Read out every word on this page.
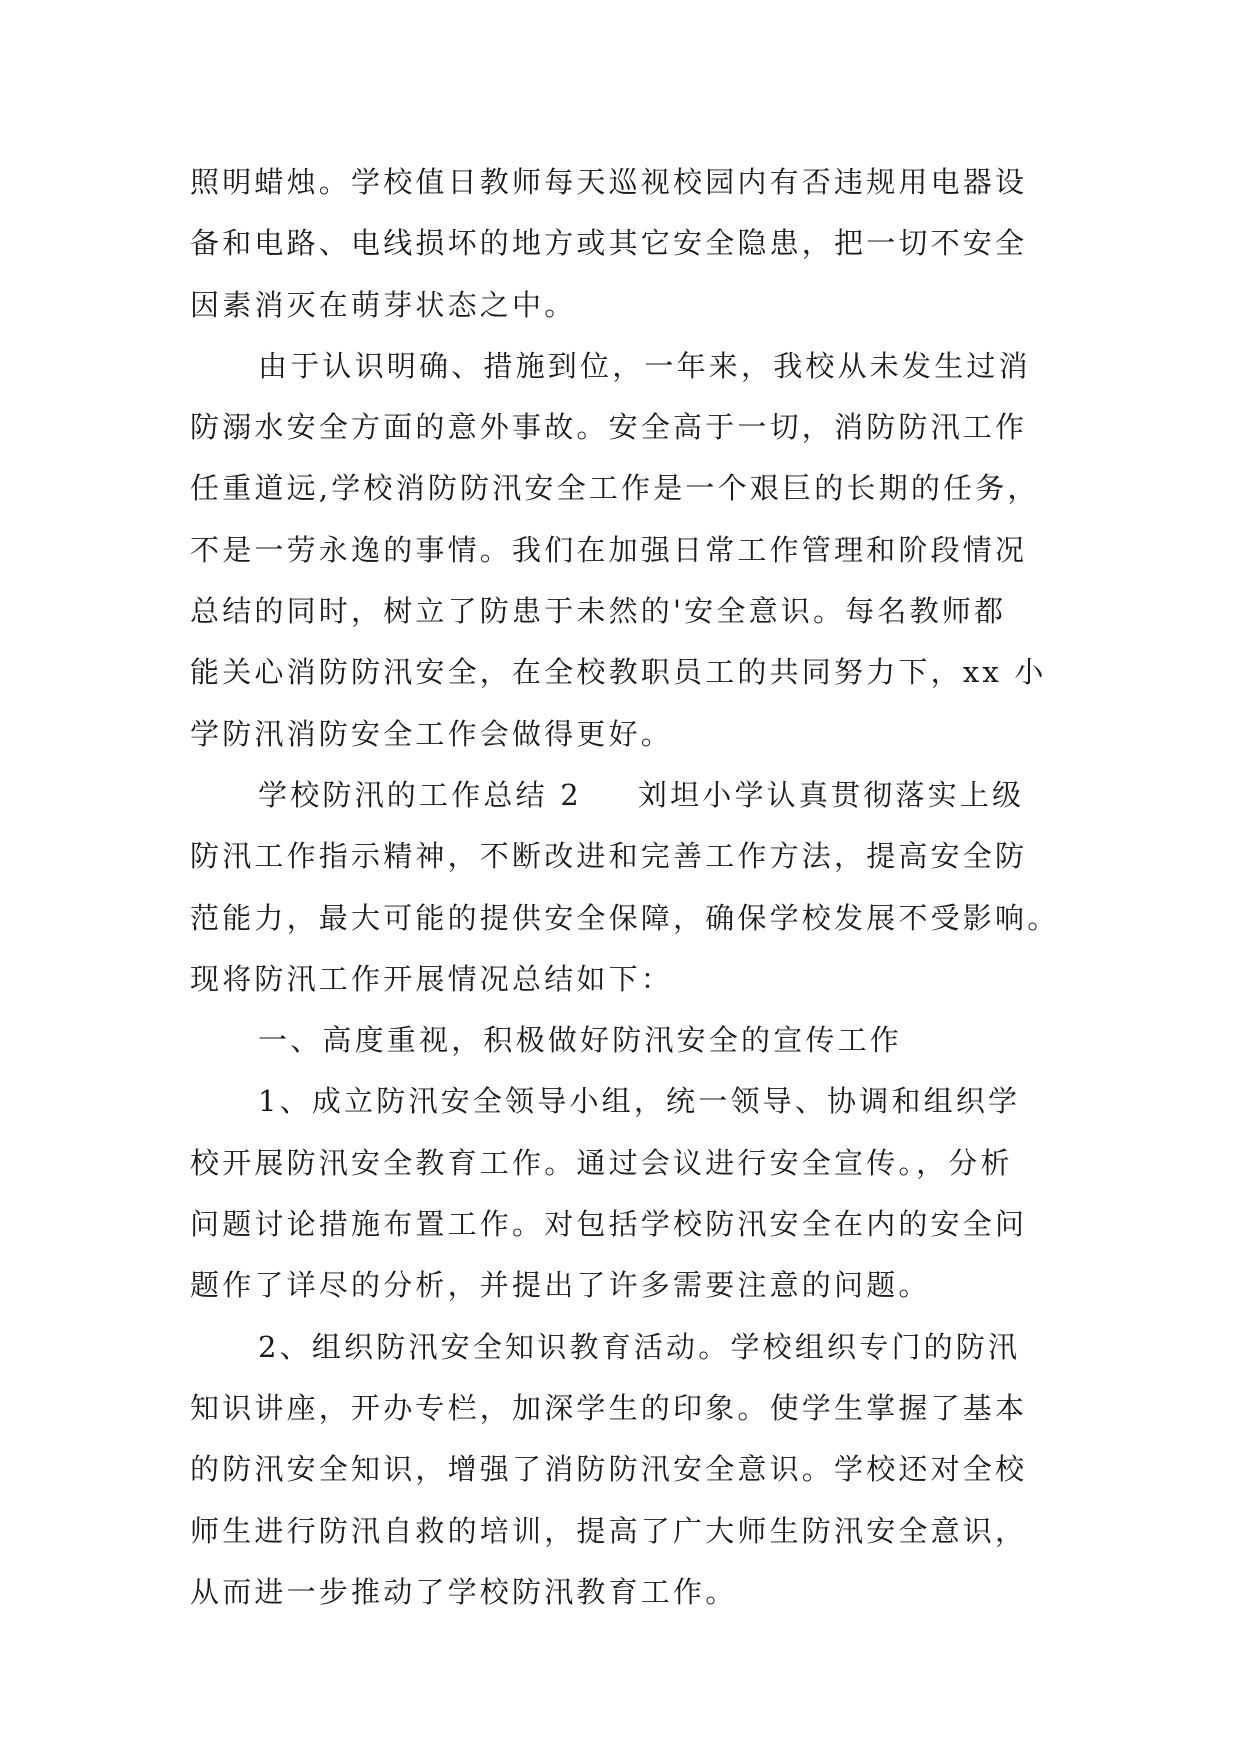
照明蜡烛。学校值日教师每天巡视校园内有否违规用电器设
备和电路、电线损坏的地方或其它安全隐患，把一切不安全
因素消灭在萌芽状态之中。
由于认识明确、措施到位，一年来，我校从未发生过消
防溺水安全方面的意外事故。安全高于一切，消防防汛工作
任重道远,学校消防防汛安全工作是一个艰巨的长期的任务，
不是一劳永逸的事情。我们在加强日常工作管理和阶段情况
总结的同时，树立了防患于未然的'安全意识。每名教师都
能关心消防防汛安全，在全校教职员工的共同努力下，xx 小
学防汛消防安全工作会做得更好。
学校防汛的工作总结 2 刘坦小学认真贯彻落实上级
防汛工作指示精神，不断改进和完善工作方法，提高安全防
范能力，最大可能的提供安全保障，确保学校发展不受影响。
现将防汛工作开展情况总结如下：
一、高度重视，积极做好防汛安全的宣传工作
1、成立防汛安全领导小组，统一领导、协调和组织学
校开展防汛安全教育工作。通过会议进行安全宣传。，分析
问题讨论措施布置工作。对包括学校防汛安全在内的安全问
题作了详尽的分析，并提出了许多需要注意的问题。
2、组织防汛安全知识教育活动。学校组织专门的防汛
知识讲座，开办专栏，加深学生的印象。使学生掌握了基本
的防汛安全知识，增强了消防防汛安全意识。学校还对全校
师生进行防汛自救的培训，提高了广大师生防汛安全意识，
从而进一步推动了学校防汛教育工作。
